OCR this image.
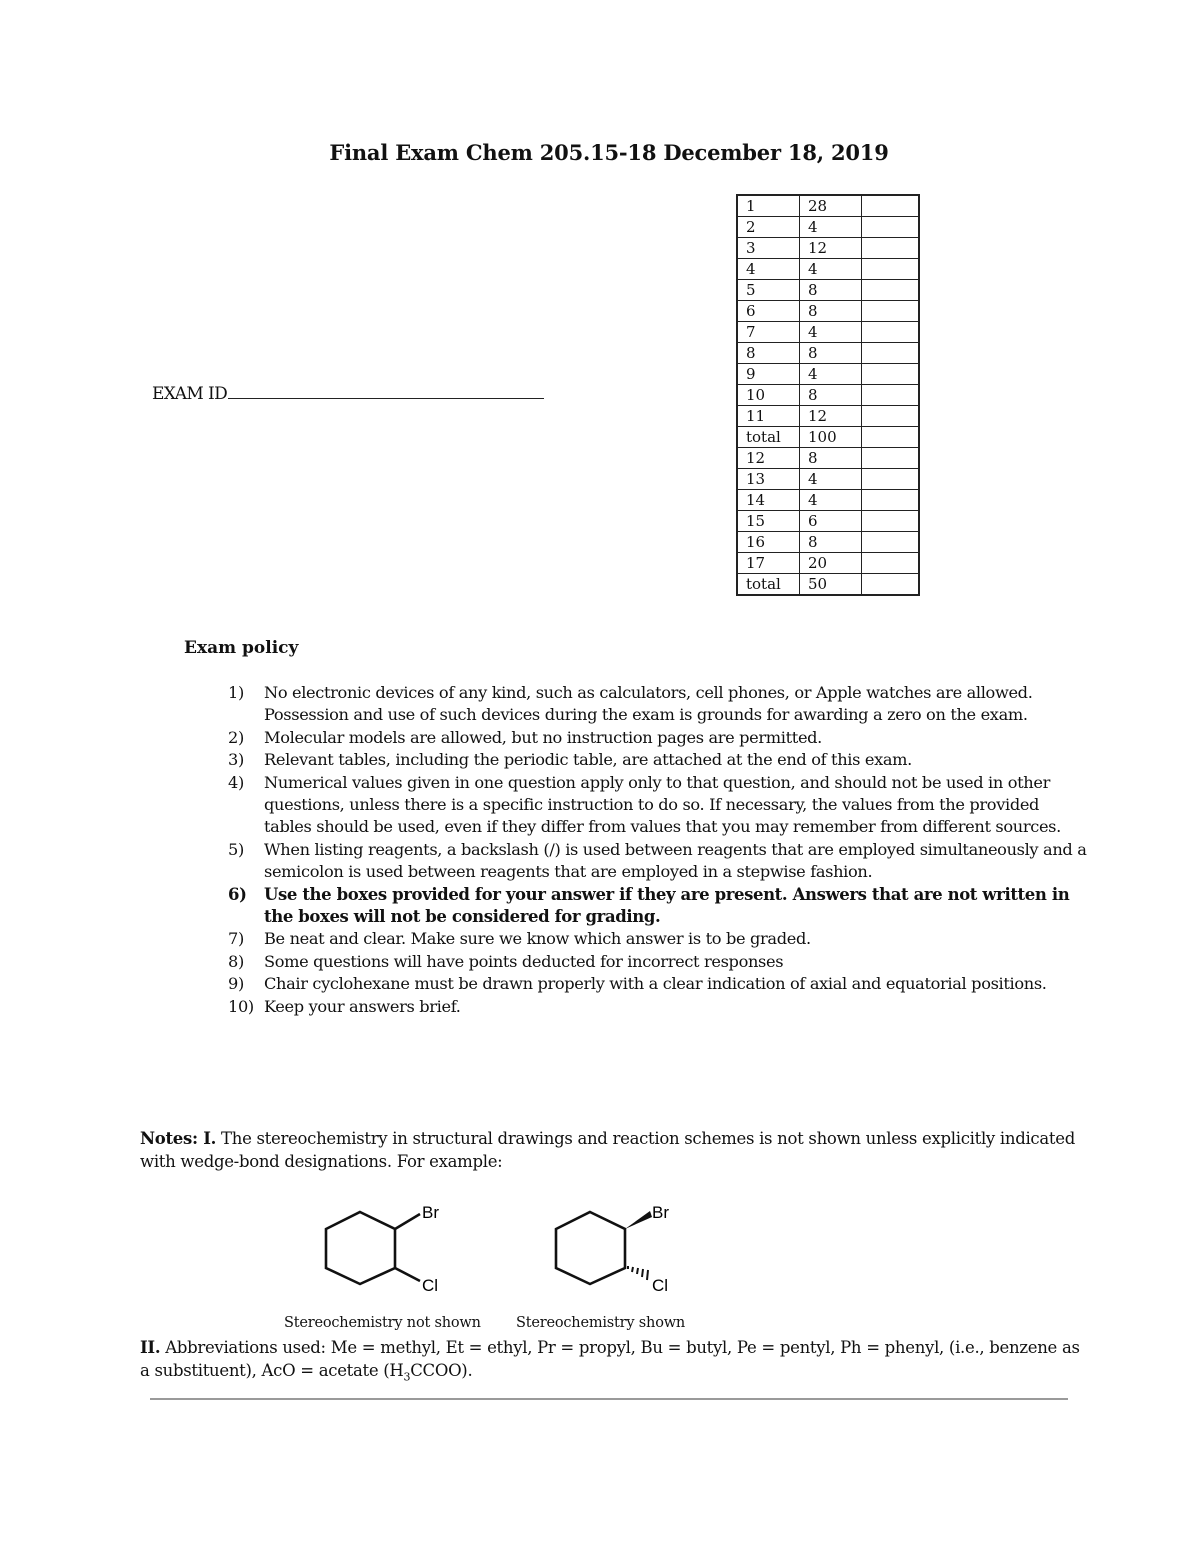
Final Exam Chem 205.15-18 December 18, 2019
EXAM ID
1	28	
2	4	
3	12	
4	4	
5	8	
6	8	
7	4	
8	8	
9	4	
10	8	
11	12	
total	100	
12	8	
13	4	
14	4	
15	6	
16	8	
17	20	
total	50	
Exam policy
1) No electronic devices of any kind, such as calculators, cell phones, or Apple watches are allowed. Possession and use of such devices during the exam is grounds for awarding a zero on the exam.
2) Molecular models are allowed, but no instruction pages are permitted.
3) Relevant tables, including the periodic table, are attached at the end of this exam.
4) Numerical values given in one question apply only to that question, and should not be used in other questions, unless there is a specific instruction to do so. If necessary, the values from the provided tables should be used, even if they differ from values that you may remember from different sources.
5) When listing reagents, a backslash (/) is used between reagents that are employed simultaneously and a semicolon is used between reagents that are employed in a stepwise fashion.
6) Use the boxes provided for your answer if they are present. Answers that are not written in the boxes will not be considered for grading.
7) Be neat and clear. Make sure we know which answer is to be graded.
8) Some questions will have points deducted for incorrect responses
9) Chair cyclohexane must be drawn properly with a clear indication of axial and equatorial positions.
10) Keep your answers brief.
Notes: I. The stereochemistry in structural drawings and reaction schemes is not shown unless explicitly indicated with wedge-bond designations. For example:
Br
Cl
Br
Cl
Stereochemistry not shown Stereochemistry shown
II. Abbreviations used: Me = methyl, Et = ethyl, Pr = propyl, Bu = butyl, Pe = pentyl, Ph = phenyl, (i.e., benzene as a substituent), AcO = acetate $(H_3CCOO)$.
